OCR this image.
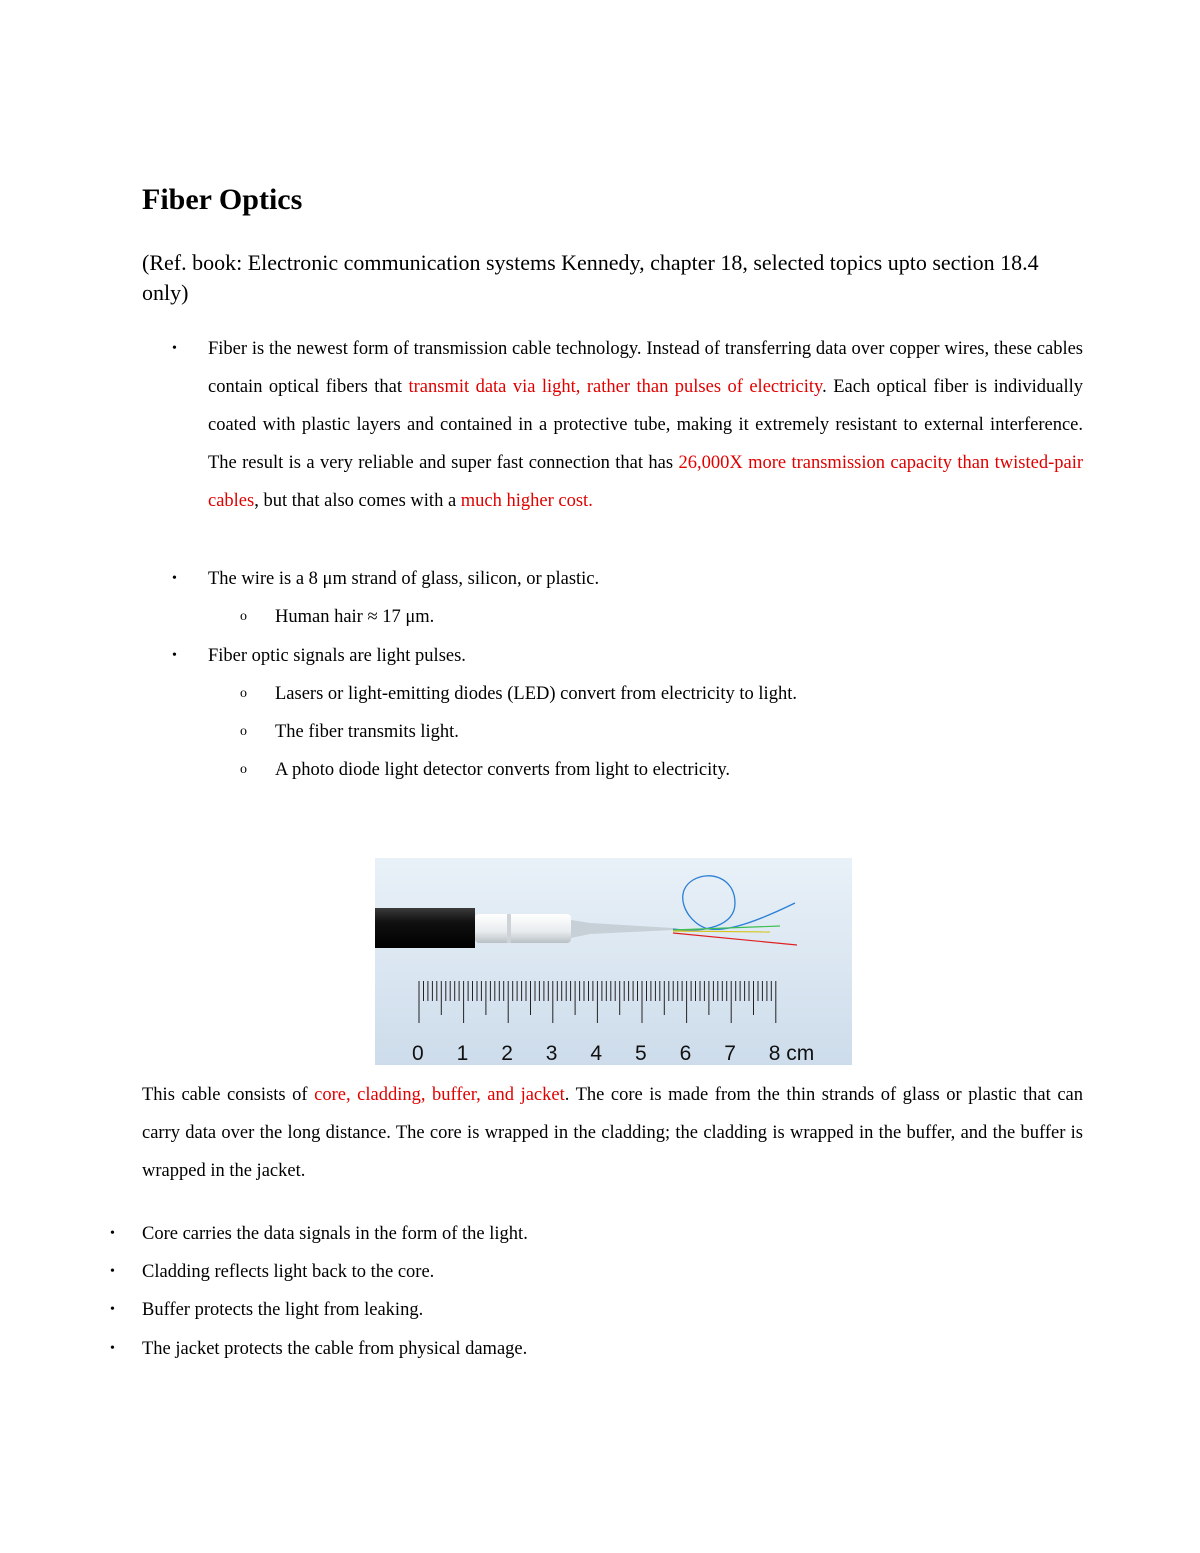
Fiber Optics

(Ref. book: Electronic communication systems Kennedy, chapter 18, selected topics upto section 18.4 only)

• Fiber is the newest form of transmission cable technology. Instead of transferring data over copper wires, these cables contain optical fibers that transmit data via light, rather than pulses of electricity. Each optical fiber is individually coated with plastic layers and contained in a protective tube, making it extremely resistant to external interference. The result is a very reliable and super fast connection that has 26,000X more transmission capacity than twisted-pair cables, but that also comes with a much higher cost.

• The wire is a 8 μm strand of glass, silicon, or plastic.
o Human hair ≈ 17 μm.
• Fiber optic signals are light pulses.
o Lasers or light-emitting diodes (LED) convert from electricity to light.
o The fiber transmits light.
o A photo diode light detector converts from light to electricity.
0 1 2 3 4 5 6 7 8 cm

This cable consists of core, cladding, buffer, and jacket. The core is made from the thin strands of glass or plastic that can carry data over the long distance. The core is wrapped in the cladding; the cladding is wrapped in the buffer, and the buffer is wrapped in the jacket.

• Core carries the data signals in the form of the light.
• Cladding reflects light back to the core.
• Buffer protects the light from leaking.
• The jacket protects the cable from physical damage.
